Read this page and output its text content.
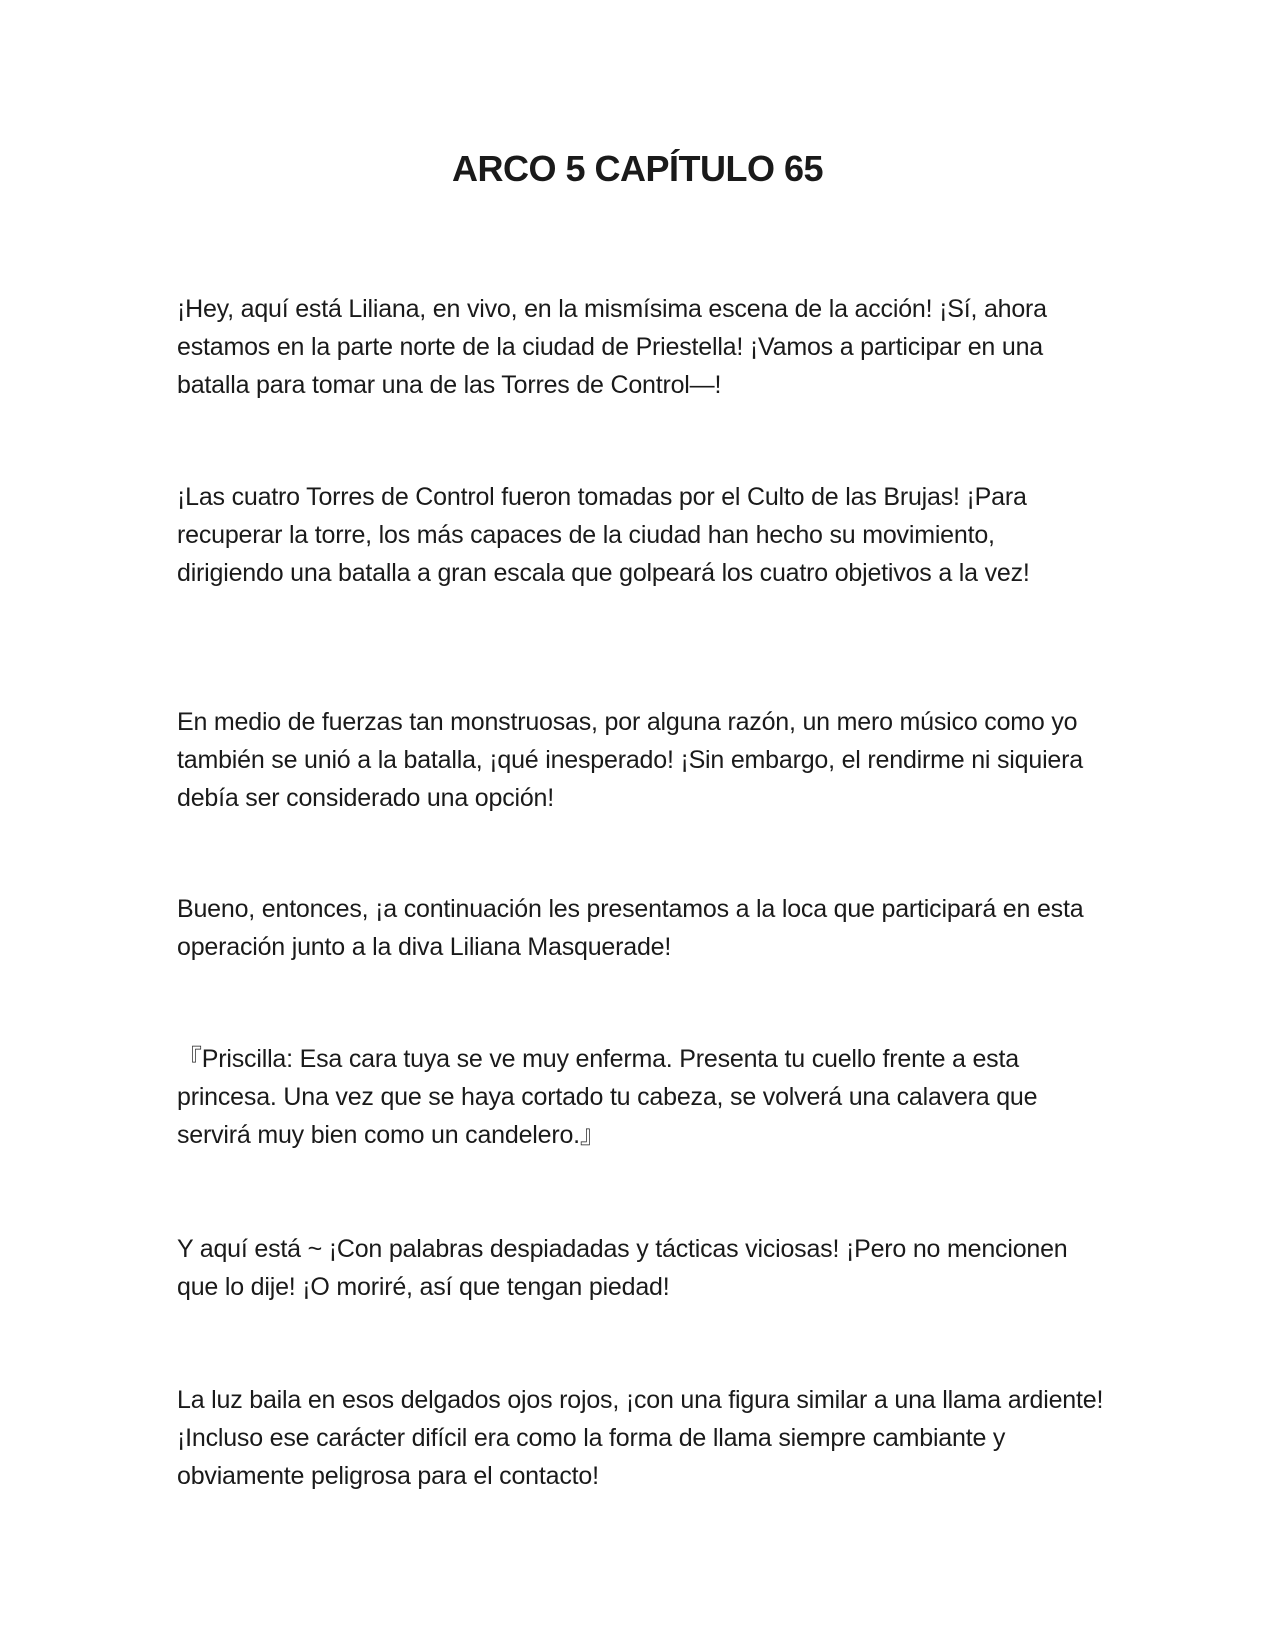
ARCO 5 CAPÍTULO 65

¡Hey, aquí está Liliana, en vivo, en la mismísima escena de la acción! ¡Sí, ahora estamos en la parte norte de la ciudad de Priestella! ¡Vamos a participar en una batalla para tomar una de las Torres de Control—!

¡Las cuatro Torres de Control fueron tomadas por el Culto de las Brujas! ¡Para recuperar la torre, los más capaces de la ciudad han hecho su movimiento, dirigiendo una batalla a gran escala que golpeará los cuatro objetivos a la vez!

En medio de fuerzas tan monstruosas, por alguna razón, un mero músico como yo también se unió a la batalla, ¡qué inesperado! ¡Sin embargo, el rendirme ni siquiera debía ser considerado una opción!

Bueno, entonces, ¡a continuación les presentamos a la loca que participará en esta operación junto a la diva Liliana Masquerade!

『Priscilla: Esa cara tuya se ve muy enferma. Presenta tu cuello frente a esta princesa. Una vez que se haya cortado tu cabeza, se volverá una calavera que servirá muy bien como un candelero.』

Y aquí está ~ ¡Con palabras despiadadas y tácticas viciosas! ¡Pero no mencionen que lo dije! ¡O moriré, así que tengan piedad!

La luz baila en esos delgados ojos rojos, ¡con una figura similar a una llama ardiente! ¡Incluso ese carácter difícil era como la forma de llama siempre cambiante y obviamente peligrosa para el contacto!
